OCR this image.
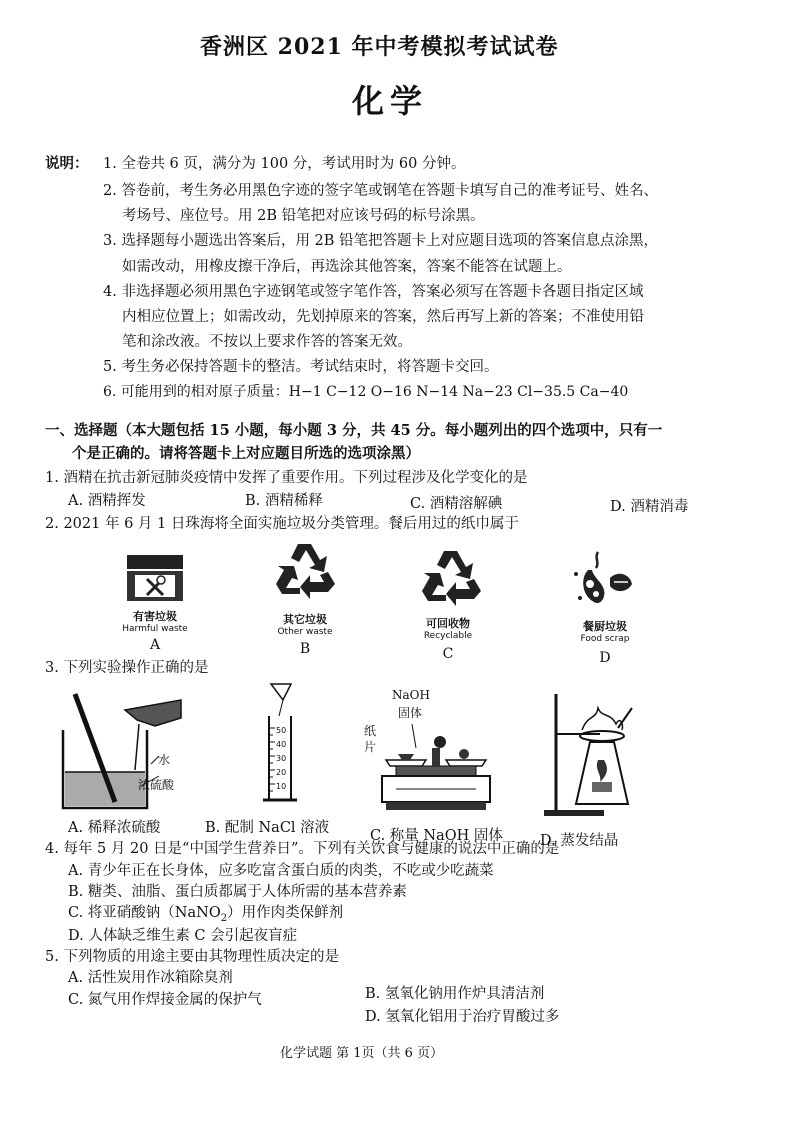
香洲区 2021 年中考模拟考试试卷
化学
说明： 1. 全卷共 6 页，满分为 100 分，考试用时为 60 分钟。
2. 答卷前，考生务必用黑色字迹的签字笔或钢笔在答题卡填写自己的准考证号、姓名、
考场号、座位号。用 2B 铅笔把对应该号码的标号涂黑。
3. 选择题每小题选出答案后，用 2B 铅笔把答题卡上对应题目选项的答案信息点涂黑，
如需改动，用橡皮擦干净后，再选涂其他答案，答案不能答在试题上。
4. 非选择题必须用黑色字迹钢笔或签字笔作答，答案必须写在答题卡各题目指定区域
内相应位置上；如需改动，先划掉原来的答案，然后再写上新的答案；不准使用铅
笔和涂改液。不按以上要求作答的答案无效。
5. 考生务必保持答题卡的整洁。考试结束时，将答题卡交回。
6. 可能用到的相对原子质量：H−1 C−12 O−16 N−14 Na−23 Cl−35.5 Ca−40
一、选择题（本大题包括 15 小题，每小题 3 分，共 45 分。每小题列出的四个选项中，只有一
个是正确的。请将答题卡上对应题目所选的选项涂黑）
1. 酒精在抗击新冠肺炎疫情中发挥了重要作用。下列过程涉及化学变化的是
A. 酒精挥发	B. 酒精稀释	C. 酒精溶解碘	D. 酒精消毒
2. 2021 年 6 月 1 日珠海将全面实施垃圾分类管理。餐后用过的纸巾属于
有害垃圾
Harmful waste
A
其它垃圾
Other waste
B
可回收物
Recyclable
C
餐厨垃圾
Food scrap
D
3. 下列实验操作正确的是
水
浓硫酸
50
40
30
20
10
NaOH
固体
纸
片
A. 稀释浓硫酸	B. 配制 NaCl 溶液	C. 称量 NaOH 固体	D. 蒸发结晶
4. 每年 5 月 20 日是“中国学生营养日”。下列有关饮食与健康的说法中正确的是
A. 青少年正在长身体，应多吃富含蛋白质的肉类，不吃或少吃蔬菜
B. 糖类、油脂、蛋白质都属于人体所需的基本营养素
C. 将亚硝酸钠（NaNO$_2$）用作肉类保鲜剂
D. 人体缺乏维生素 C 会引起夜盲症
5. 下列物质的用途主要由其物理性质决定的是
A. 活性炭用作冰箱除臭剂
B. 氢氧化钠用作炉具清洁剂
C. 氮气用作焊接金属的保护气
D. 氢氧化铝用于治疗胃酸过多
化学试题 第 1页（共 6 页）
